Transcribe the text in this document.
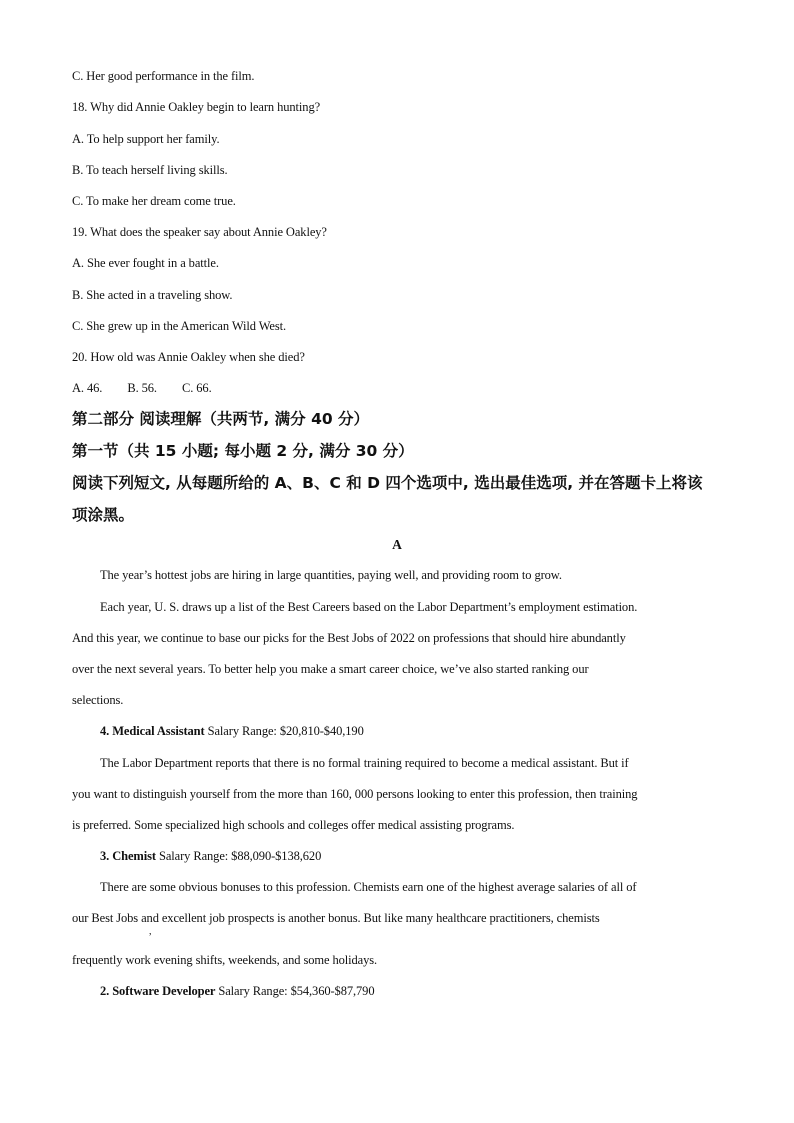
C. Her good performance in the film.
18. Why did Annie Oakley begin to learn hunting?
A. To help support her family.
B. To teach herself living skills.
C. To make her dream come true.
19. What does the speaker say about Annie Oakley?
A. She ever fought in a battle.
B. She acted in a traveling show.
C. She grew up in the American Wild West.
20. How old was Annie Oakley when she died?
A. 46. B. 56. C. 66.
第二部分 阅读理解（共两节, 满分 40 分）
第一节（共 15 小题; 每小题 2 分, 满分 30 分）
阅读下列短文, 从每题所给的 A、B、C 和 D 四个选项中, 选出最佳选项, 并在答题卡上将该
项涂黑。
A
The year’s hottest jobs are hiring in large quantities, paying well, and providing room to grow.
Each year, U. S. draws up a list of the Best Careers based on the Labor Department’s employment estimation.
And this year, we continue to base our picks for the Best Jobs of 2022 on professions that should hire abundantly
over the next several years. To better help you make a smart career choice, we’ve also started ranking our
selections.
4. Medical Assistant Salary Range: $20,810-$40,190
The Labor Department reports that there is no formal training required to become a medical assistant. But if
you want to distinguish yourself from the more than 160, 000 persons looking to enter this profession, then training
is preferred. Some specialized high schools and colleges offer medical assisting programs.
3. Chemist Salary Range: $88,090-$138,620
There are some obvious bonuses to this profession. Chemists earn one of the highest average salaries of all of
our Best Jobs and excellent job prospects is another bonus. But like many healthcare practitioners, chemists
,
frequently work evening shifts, weekends, and some holidays.
2. Software Developer Salary Range: $54,360-$87,790
